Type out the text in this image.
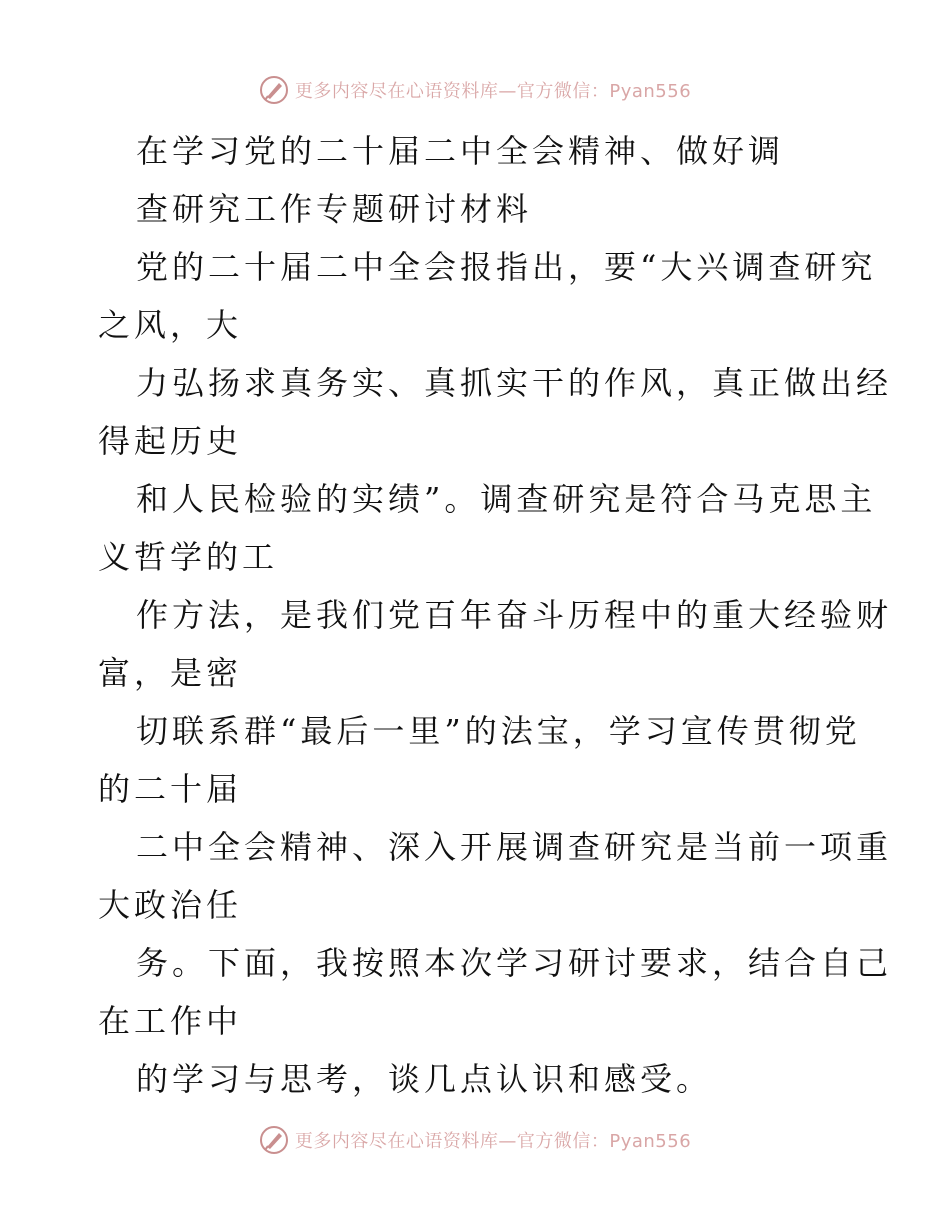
更多内容尽在心语资料库—官方微信：Pyan556
在学习党的二十届二中全会精神、做好调
查研究工作专题研讨材料
党的二十届二中全会报指出，要“大兴调查研究
之风，大
力弘扬求真务实、真抓实干的作风，真正做出经
得起历史
和人民检验的实绩”。调查研究是符合马克思主
义哲学的工
作方法，是我们党百年奋斗历程中的重大经验财
富，是密
切联系群“最后一里”的法宝，学习宣传贯彻党
的二十届
二中全会精神、深入开展调查研究是当前一项重
大政治任
务。下面，我按照本次学习研讨要求，结合自己
在工作中
的学习与思考，谈几点认识和感受。
更多内容尽在心语资料库—官方微信：Pyan556
